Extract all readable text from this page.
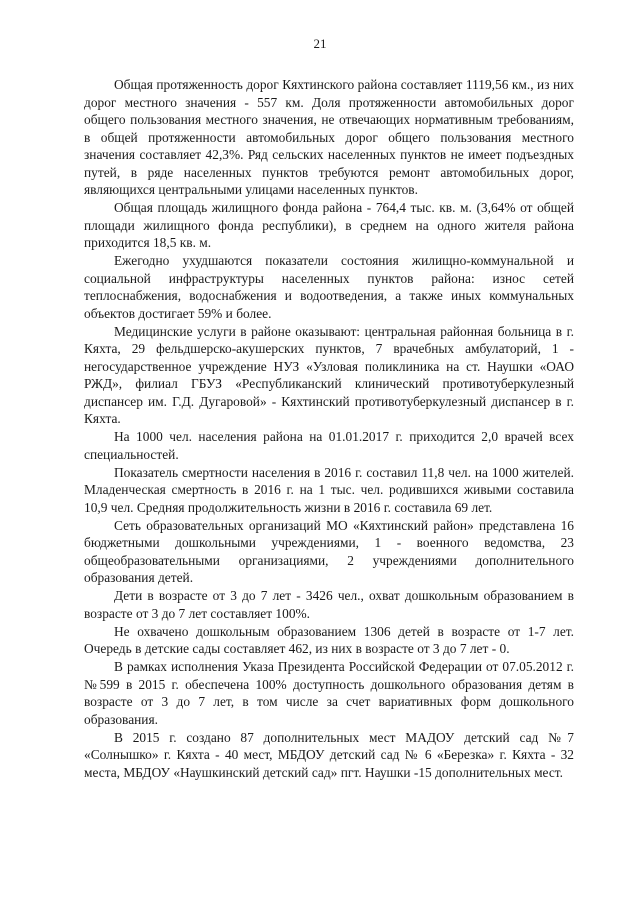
21

Общая протяженность дорог Кяхтинского района составляет 1119,56 км., из них дорог местного значения - 557 км. Доля протяженности автомобильных дорог общего пользования местного значения, не отвечающих нормативным требованиям, в общей протяженности автомобильных дорог общего пользования местного значения составляет 42,3%. Ряд сельских населенных пунктов не имеет подъездных путей, в ряде населенных пунктов требуются ремонт автомобильных дорог, являющихся центральными улицами населенных пунктов.

Общая площадь жилищного фонда района - 764,4 тыс. кв. м. (3,64% от общей площади жилищного фонда республики), в среднем на одного жителя района приходится 18,5 кв. м.

Ежегодно ухудшаются показатели состояния жилищно-коммунальной и социальной инфраструктуры населенных пунктов района: износ сетей теплоснабжения, водоснабжения и водоотведения, а также иных коммунальных объектов достигает 59% и более.

Медицинские услуги в районе оказывают: центральная районная больница в г. Кяхта, 29 фельдшерско-акушерских пунктов, 7 врачебных амбулаторий, 1 - негосударственное учреждение НУЗ «Узловая поликлиника на ст. Наушки «ОАО РЖД», филиал ГБУЗ «Республиканский клинический противотуберкулезный диспансер им. Г.Д. Дугаровой» - Кяхтинский противотуберкулезный диспансер в г. Кяхта.

На 1000 чел. населения района на 01.01.2017 г. приходится 2,0 врачей всех специальностей.

Показатель смертности населения в 2016 г. составил 11,8 чел. на 1000 жителей. Младенческая смертность в 2016 г. на 1 тыс. чел. родившихся живыми составила 10,9 чел. Средняя продолжительность жизни в 2016 г. составила 69 лет.

Сеть образовательных организаций МО «Кяхтинский район» представлена 16 бюджетными дошкольными учреждениями, 1 - военного ведомства, 23 общеобразовательными организациями, 2 учреждениями дополнительного образования детей.

Дети в возрасте от 3 до 7 лет - 3426 чел., охват дошкольным образованием в возрасте от 3 до 7 лет составляет 100%.

Не охвачено дошкольным образованием 1306 детей в возрасте от 1-7 лет. Очередь в детские сады составляет 462, из них в возрасте от 3 до 7 лет - 0.

В рамках исполнения Указа Президента Российской Федерации от 07.05.2012 г. №599 в 2015 г. обеспечена 100% доступность дошкольного образования детям в возрасте от 3 до 7 лет, в том числе за счет вариативных форм дошкольного образования.

В 2015 г. создано 87 дополнительных мест МАДОУ детский сад №7 «Солнышко» г. Кяхта - 40 мест, МБДОУ детский сад № 6 «Березка» г. Кяхта - 32 места, МБДОУ «Наушкинский детский сад» пгт. Наушки -15 дополнительных мест.
